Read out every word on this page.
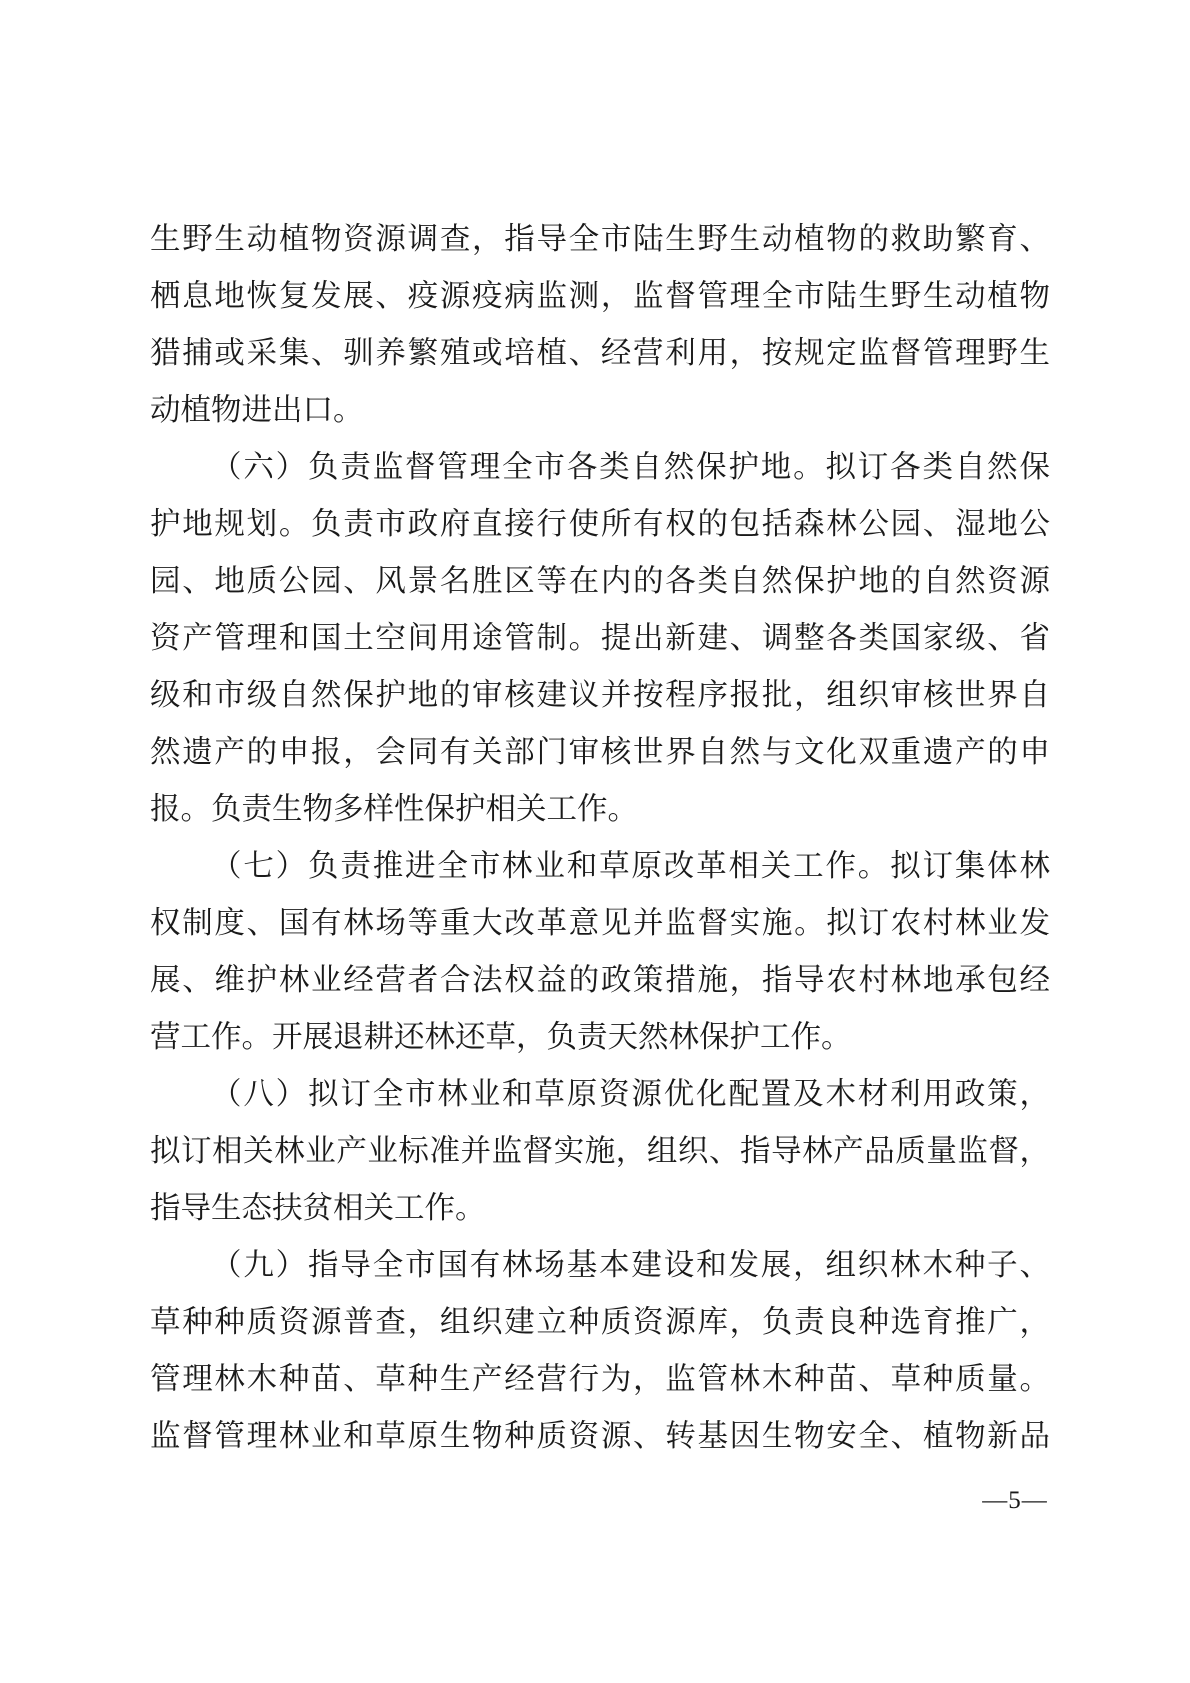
生野生动植物资源调查，指导全市陆生野生动植物的救助繁育、
栖息地恢复发展、疫源疫病监测，监督管理全市陆生野生动植物
猎捕或采集、驯养繁殖或培植、经营利用，按规定监督管理野生
动植物进出口。
（六）负责监督管理全市各类自然保护地。拟订各类自然保
护地规划。负责市政府直接行使所有权的包括森林公园、湿地公
园、地质公园、风景名胜区等在内的各类自然保护地的自然资源
资产管理和国土空间用途管制。提出新建、调整各类国家级、省
级和市级自然保护地的审核建议并按程序报批，组织审核世界自
然遗产的申报，会同有关部门审核世界自然与文化双重遗产的申
报。负责生物多样性保护相关工作。
（七）负责推进全市林业和草原改革相关工作。拟订集体林
权制度、国有林场等重大改革意见并监督实施。拟订农村林业发
展、维护林业经营者合法权益的政策措施，指导农村林地承包经
营工作。开展退耕还林还草，负责天然林保护工作。
（八）拟订全市林业和草原资源优化配置及木材利用政策，
拟订相关林业产业标准并监督实施，组织、指导林产品质量监督，
指导生态扶贫相关工作。
（九）指导全市国有林场基本建设和发展，组织林木种子、
草种种质资源普查，组织建立种质资源库，负责良种选育推广，
管理林木种苗、草种生产经营行为，监管林木种苗、草种质量。
监督管理林业和草原生物种质资源、转基因生物安全、植物新品
—5—
